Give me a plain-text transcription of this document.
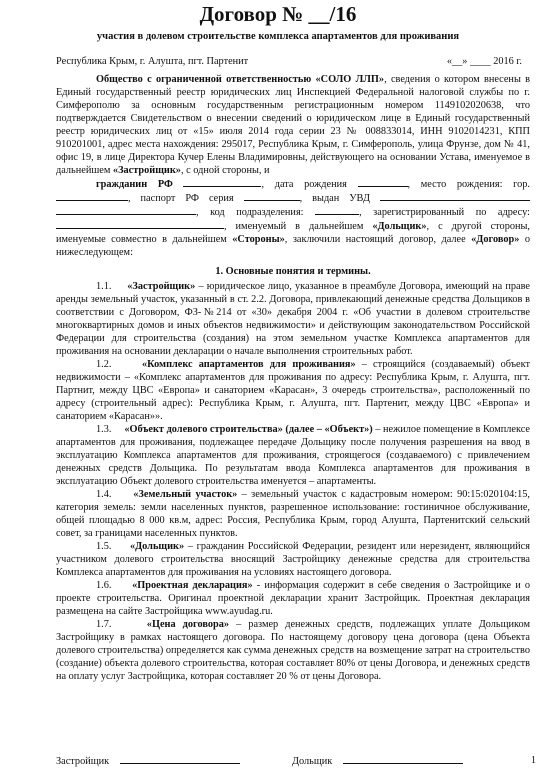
Договор № __/16
участия в долевом строительстве комплекса апартаментов для проживания
Республика Крым, г. Алушта, пгт. Партенит	«__» ____ 2016 г.

Общество с ограниченной ответственностью «СОЛО ЛЛП», сведения о котором внесены в Единый государственный реестр юридических лиц Инспекцией Федеральной налоговой службы по г. Симферополю за основным государственным регистрационным номером 1149102020638, что подтверждается Свидетельством о внесении сведений о юридическом лице в Единый государственный реестр юридических лиц от «15» июля 2014 года серии 23 № 008833014, ИНН 9102014231, КПП 910201001, адрес места нахождения: 295017, Республика Крым, г. Симферополь, улица Фрунзе, дом № 41, офис 19, в лице Директора Кучер Елены Владимировны, действующего на основании Устава, именуемое в дальнейшем «Застройщик», с одной стороны, и

гражданин РФ	, дата рождения	, место рождения: гор. , паспорт РФ серия	, выдан УВД  , код подразделения:	, зарегистрированный по адресу: , именуемый в дальнейшем «Дольщик», с другой стороны, именуемые совместно в дальнейшем «Стороны», заключили настоящий договор, далее «Договор» о нижеследующем:

1. Основные понятия и термины.

1.1. «Застройщик» – юридическое лицо, указанное в преамбуле Договора, имеющий на праве аренды земельный участок, указанный в ст. 2.2. Договора, привлекающий денежные средства Дольщиков в соответствии с Договором, ФЗ-№214 от «30» декабря 2004 г. «Об участии в долевом строительстве многоквартирных домов и иных объектов недвижимости» и действующим законодательством Российской Федерации для строительства (создания) на этом земельном участке Комплекса апартаментов для проживания на основании декларации о начале выполнения строительных работ.

1.2.	«Комплекс апартаментов для проживания» – строящийся (создаваемый) объект недвижимости – «Комплекс апартаментов для проживания по адресу: Республика Крым, г. Алушта, пгт. Партнит, между ЦВС «Европа» и санаторием «Карасан», 3 очередь строительства», расположенный по адресу (строительный адрес): Республика Крым, г. Алушта, пгт. Партенит, между ЦВС «Европа» и санаторием «Карасан»».

1.3. «Объект долевого строительства» (далее – «Объект») – нежилое помещение в Комплексе апартаментов для проживания, подлежащее передаче Дольщику после получения разрешения на ввод в эксплуатацию Комплекса апартаментов для проживания, строящегося (создаваемого) с привлечением денежных средств Дольщика. По результатам ввода Комплекса апартаментов для проживания в эксплуатацию Объект долевого строительства именуется – апартаменты.

1.4. «Земельный участок» – земельный участок с кадастровым номером: 90:15:020104:15, категория земель: земли населенных пунктов, разрешенное использование: гостиничное обслуживание, общей площадью 8 000 кв.м, адрес: Россия, Республика Крым, город Алушта, Партенитский сельский совет, за границами населенных пунктов.

1.5. «Дольщик» – гражданин Российской Федерации, резидент или нерезидент, являющийся участником долевого строительства вносящий Застройщику денежные средства для строительства Комплекса апартаментов для проживания на условиях настоящего договора.

1.6. «Проектная декларация» - информация содержит в себе сведения о Застройщике и о проекте строительства. Оригинал проектной декларации хранит Застройщик. Проектная декларация размещена на сайте Застройщика www.ayudag.ru.

1.7.	«Цена договора» – размер денежных средств, подлежащих уплате Дольщиком Застройщику в рамках настоящего договора. По настоящему договору цена договора (цена Объекта долевого строительства) определяется как сумма денежных средств на возмещение затрат на строительство (создание) объекта долевого строительства, которая составляет 80% от цены Договора, и денежных средств на оплату услуг Застройщика, которая составляет 20 % от цены Договора.

Застройщик	Дольщик	1
